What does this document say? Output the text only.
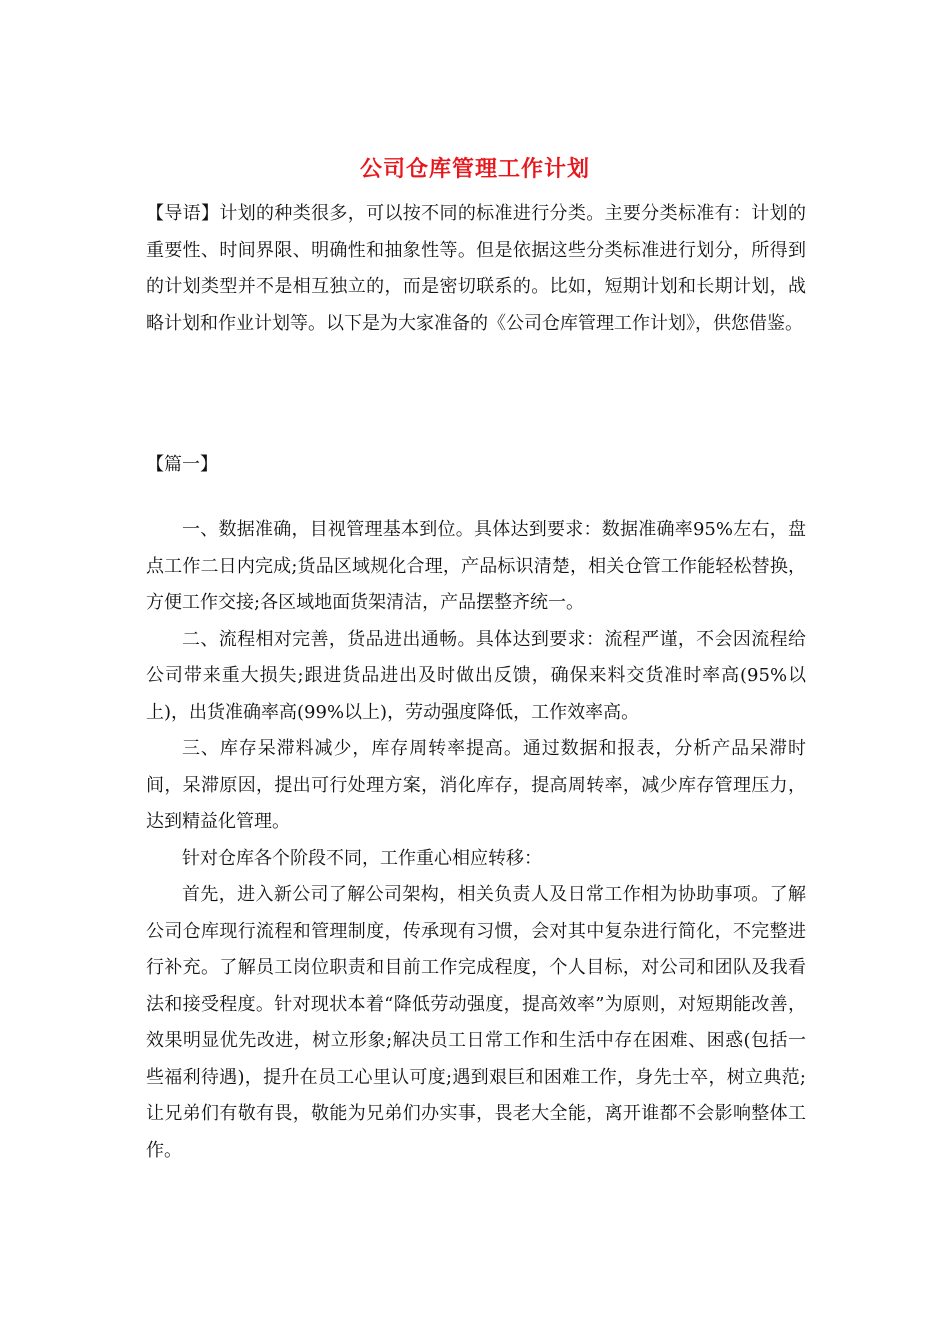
公司仓库管理工作计划

【导语】计划的种类很多，可以按不同的标准进行分类。主要分类标准有：计划的重要性、时间界限、明确性和抽象性等。但是依据这些分类标准进行划分，所得到的计划类型并不是相互独立的，而是密切联系的。比如，短期计划和长期计划，战略计划和作业计划等。以下是为大家准备的《公司仓库管理工作计划》，供您借鉴。

【篇一】

一、数据准确，目视管理基本到位。具体达到要求：数据准确率95%左右，盘点工作二日内完成;货品区域规化合理，产品标识清楚，相关仓管工作能轻松替换，方便工作交接;各区域地面货架清洁，产品摆整齐统一。

二、流程相对完善，货品进出通畅。具体达到要求：流程严谨，不会因流程给公司带来重大损失;跟进货品进出及时做出反馈，确保来料交货准时率高(95%以上)，出货准确率高(99%以上)，劳动强度降低，工作效率高。

三、库存呆滞料减少，库存周转率提高。通过数据和报表，分析产品呆滞时间，呆滞原因，提出可行处理方案，消化库存，提高周转率，减少库存管理压力，达到精益化管理。

针对仓库各个阶段不同，工作重心相应转移：

首先，进入新公司了解公司架构，相关负责人及日常工作相为协助事项。了解公司仓库现行流程和管理制度，传承现有习惯，会对其中复杂进行简化，不完整进行补充。了解员工岗位职责和目前工作完成程度，个人目标，对公司和团队及我看法和接受程度。针对现状本着“降低劳动强度，提高效率”为原则，对短期能改善，效果明显优先改进，树立形象;解决员工日常工作和生活中存在困难、困惑(包括一些福利待遇)，提升在员工心里认可度;遇到艰巨和困难工作，身先士卒，树立典范;让兄弟们有敬有畏，敬能为兄弟们办实事，畏老大全能，离开谁都不会影响整体工作。
